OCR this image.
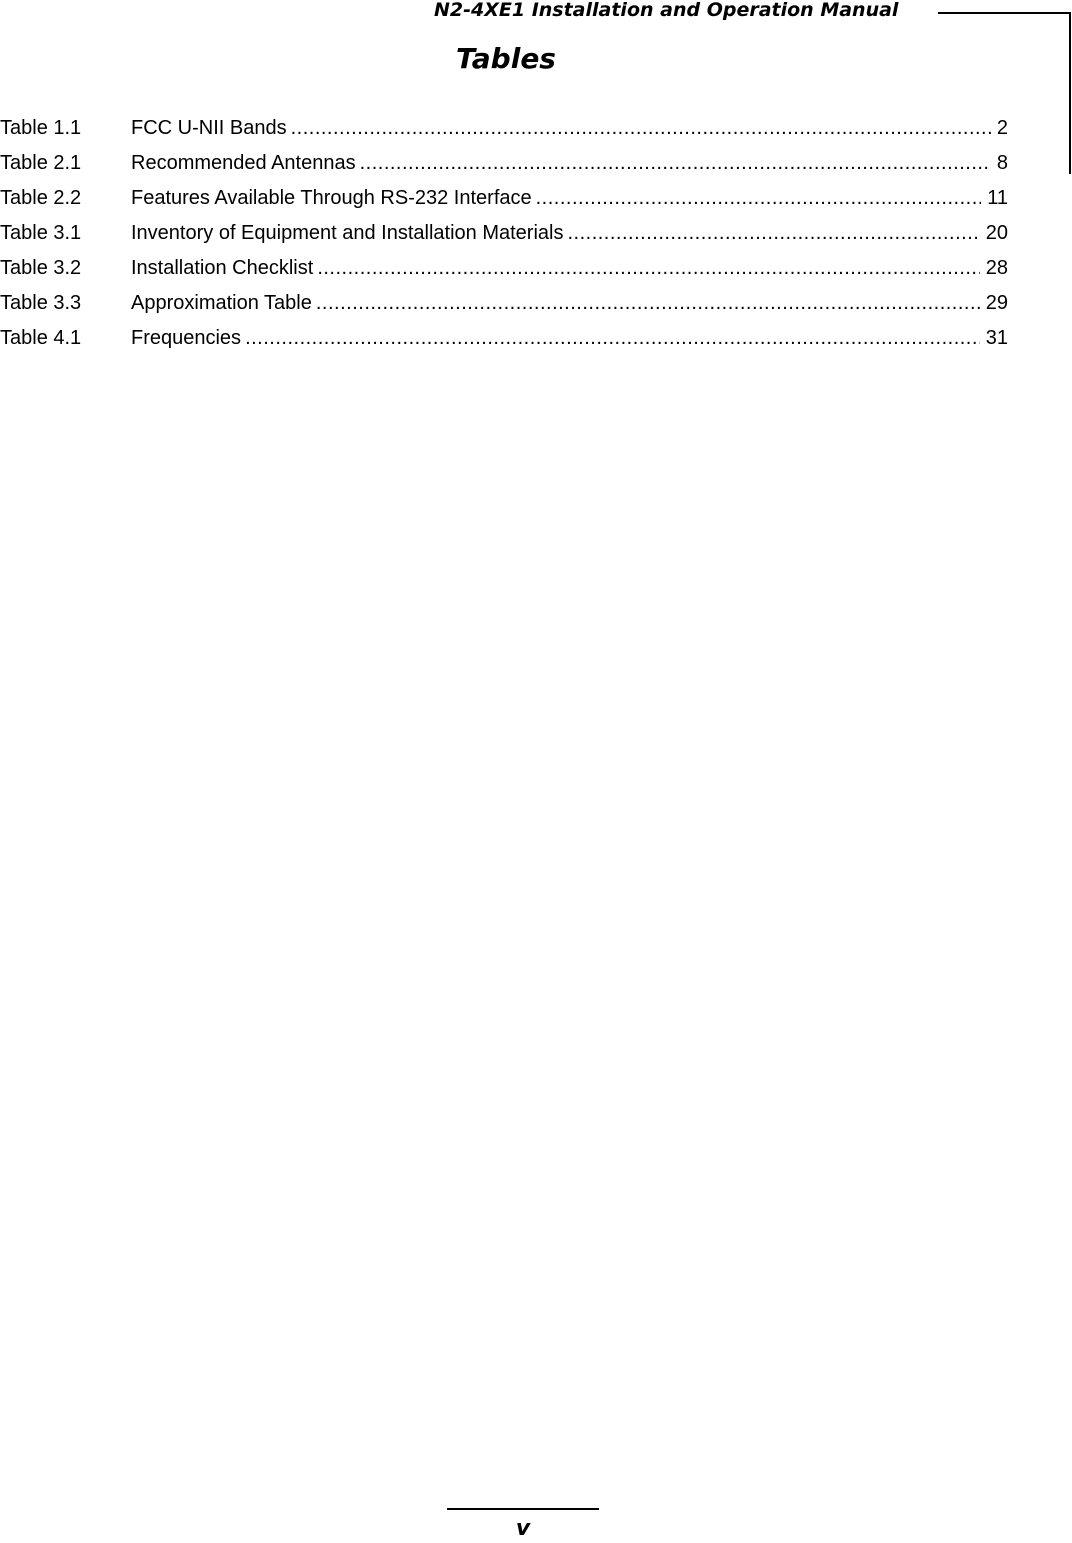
N2-4XE1 Installation and Operation Manual
Tables
Table 1.1	FCC U-NII Bands .....	2
Table 2.1	Recommended Antennas .....	8
Table 2.2	Features Available Through RS-232 Interface .....	11
Table 3.1	Inventory of Equipment and Installation Materials .....	20
Table 3.2	Installation Checklist .....	28
Table 3.3	Approximation Table .....	29
Table 4.1	Frequencies .....	31
v
